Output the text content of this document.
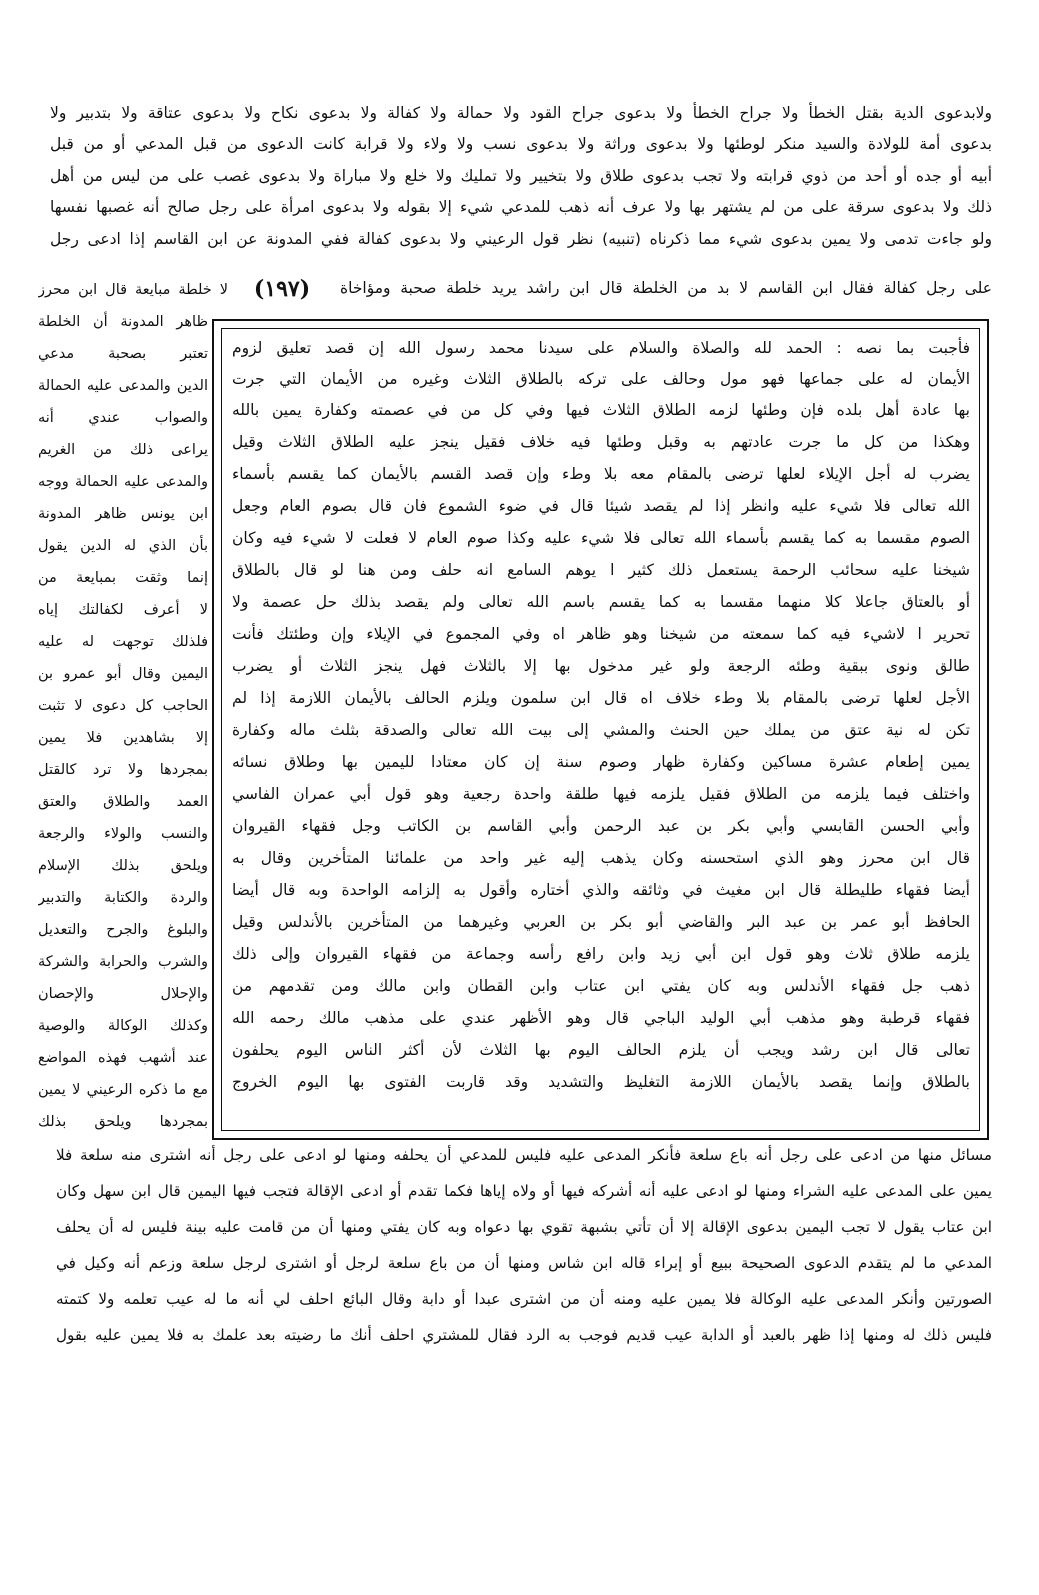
ولابدعوى الدية بقتل الخطأ ولا جراح الخطأ ولا بدعوى جراح القود ولا حمالة ولا كفالة ولا بدعوى نكاح ولا بدعوى عتاقة ولا بتدبير ولا
بدعوى أمة للولادة والسيد منكر لوطئها ولا بدعوى وراثة ولا بدعوى نسب ولا ولاء ولا قرابة كانت الدعوى من قبل المدعي أو من قبل
أبيه أو جده أو أحد من ذوي قرابته ولا تجب بدعوى طلاق ولا بتخيير ولا تمليك ولا خلع ولا مباراة ولا بدعوى غصب على من ليس من أهل
ذلك ولا بدعوى سرقة على من لم يشتهر بها ولا عرف أنه ذهب للمدعي شيء إلا بقوله ولا بدعوى امرأة على رجل صالح أنه غصبها نفسها
ولو جاءت تدمى ولا يمين بدعوى شيء مما ذكرناه (تنبيه) نظر قول الرعيني ولا بدعوى كفالة ففي المدونة عن ابن القاسم إذا ادعى رجل
على رجل كفالة فقال ابن القاسم لا بد من الخلطة قال ابن راشد يريد خلطة صحبة ومؤاخاة
(١٩٧)
لا خلطة مبايعة قال ابن محرز
ظاهر المدونة أن الخلطة
تعتبر بصحبة مدعي
الدين والمدعى عليه الحمالة
والصواب عندي أنه
يراعى ذلك من الغريم
والمدعى عليه الحمالة ووجه
ابن يونس ظاهر المدونة
بأن الذي له الدين يقول
إنما وثقت بمبايعة من
لا أعرف لكفالتك إياه
فلذلك توجهت له عليه
اليمين وقال أبو عمرو بن
الحاجب كل دعوى لا تثبت
إلا بشاهدين فلا يمين
بمجردها ولا ترد كالقتل
العمد والطلاق والعتق
والنسب والولاء والرجعة
ويلحق بذلك الإسلام
والردة والكتابة والتدبير
والبلوغ والجرح والتعديل
والشرب والحرابة والشركة
والإحلال والإحصان
وكذلك الوكالة والوصية
عند أشهب فهذه المواضع
مع ما ذكره الرعيني لا يمين
بمجردها ويلحق بذلك
فأجبت بما نصه : الحمد لله والصلاة والسلام على سيدنا محمد رسول الله إن قصد تعليق لزوم
الأيمان له على جماعها فهو مول وحالف على تركه بالطلاق الثلاث وغيره من الأيمان التي جرت
بها عادة أهل بلده فإن وطئها لزمه الطلاق الثلاث فيها وفي كل من في عصمته وكفارة يمين بالله
وهكذا من كل ما جرت عادتهم به وقبل وطئها فيه خلاف فقيل ينجز عليه الطلاق الثلاث وقيل
يضرب له أجل الإيلاء لعلها ترضى بالمقام معه بلا وطء وإن قصد القسم بالأيمان كما يقسم بأسماء
الله تعالى فلا شيء عليه وانظر إذا لم يقصد شيئا قال في ضوء الشموع فان قال بصوم العام وجعل
الصوم مقسما به كما يقسم بأسماء الله تعالى فلا شيء عليه وكذا صوم العام لا فعلت لا شيء فيه وكان
شيخنا عليه سحائب الرحمة يستعمل ذلك كثير ا يوهم السامع انه حلف ومن هنا لو قال بالطلاق
أو بالعتاق جاعلا كلا منهما مقسما به كما يقسم باسم الله تعالى ولم يقصد بذلك حل عصمة ولا
تحرير ا لاشيء فيه كما سمعته من شيخنا وهو ظاهر اه وفي المجموع في الإيلاء وإن وطئتك فأنت
طالق ونوى ببقية وطئه الرجعة ولو غير مدخول بها إلا بالثلاث فهل ينجز الثلاث أو يضرب
الأجل لعلها ترضى بالمقام بلا وطء خلاف اه قال ابن سلمون ويلزم الحالف بالأيمان اللازمة إذا لم
تكن له نية عتق من يملك حين الحنث والمشي إلى بيت الله تعالى والصدقة بثلث ماله وكفارة
يمين إطعام عشرة مساكين وكفارة ظهار وصوم سنة إن كان معتادا لليمين بها وطلاق نسائه
واختلف فيما يلزمه من الطلاق فقيل يلزمه فيها طلقة واحدة رجعية وهو قول أبي عمران الفاسي
وأبي الحسن القابسي وأبي بكر بن عبد الرحمن وأبي القاسم بن الكاتب وجل فقهاء القيروان
قال ابن محرز وهو الذي استحسنه وكان يذهب إليه غير واحد من علمائنا المتأخرين وقال به
أيضا فقهاء طليطلة قال ابن مغيث في وثائقه والذي أختاره وأقول به إلزامه الواحدة وبه قال أيضا
الحافظ أبو عمر بن عبد البر والقاضي أبو بكر بن العربي وغيرهما من المتأخرين بالأندلس وقيل
يلزمه طلاق ثلاث وهو قول ابن أبي زيد وابن رافع رأسه وجماعة من فقهاء القيروان وإلى ذلك
ذهب جل فقهاء الأندلس وبه كان يفتي ابن عتاب وابن القطان وابن مالك ومن تقدمهم من
فقهاء قرطبة وهو مذهب أبي الوليد الباجي قال وهو الأظهر عندي على مذهب مالك رحمه الله
تعالى قال ابن رشد ويجب أن يلزم الحالف اليوم بها الثلاث لأن أكثر الناس اليوم يحلفون
بالطلاق وإنما يقصد بالأيمان اللازمة التغليظ والتشديد وقد قاربت الفتوى بها اليوم الخروج
مسائل منها من ادعى على رجل أنه باع سلعة فأنكر المدعى عليه فليس للمدعي أن يحلفه ومنها لو ادعى على رجل أنه اشترى منه سلعة فلا
يمين على المدعى عليه الشراء ومنها لو ادعى عليه أنه أشركه فيها أو ولاه إياها فكما تقدم أو ادعى الإقالة فتجب فيها اليمين قال ابن سهل وكان
ابن عتاب يقول لا تجب اليمين بدعوى الإقالة إلا أن تأتي بشبهة تقوي بها دعواه وبه كان يفتي ومنها أن من قامت عليه بينة فليس له أن يحلف
المدعي ما لم يتقدم الدعوى الصحيحة ببيع أو إبراء قاله ابن شاس ومنها أن من باع سلعة لرجل أو اشترى لرجل سلعة وزعم أنه وكيل في
الصورتين وأنكر المدعى عليه الوكالة فلا يمين عليه ومنه أن من اشترى عبدا أو دابة وقال البائع احلف لي أنه ما له عيب تعلمه ولا كتمته
فليس ذلك له ومنها إذا ظهر بالعبد أو الدابة عيب قديم فوجب به الرد فقال للمشتري احلف أنك ما رضيته بعد علمك به فلا يمين عليه بقول
